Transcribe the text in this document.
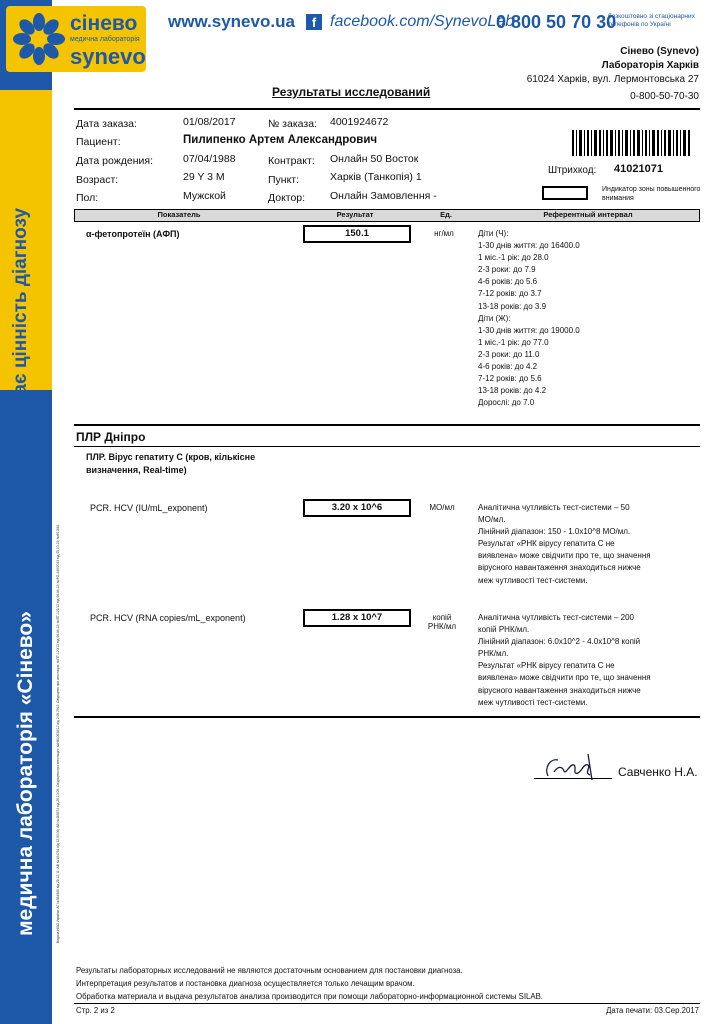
додає цінність діагнозу
медична лабораторія «Сінево»	Видача НІЗО України: АГ №584985 від 28.12.11; АВ №494764 від 12.03.08; АВ №465874 від 26.10.09. Свідоцтво про атестацію: №НМ-0038/12 від 2.05.2012. Свідоцтво про атестацію: №ПТ-120/13 від 06.04.12; №ПТ-121/12 від 06.04.12; №РО-449/2010 від 05.10.10; №601881
сінево
медична лабораторія
synevo
www.synevo.ua	f facebook.com/SynevoLab
0 800 50 70 30
безкоштовно зі стаціонарних телефонів по Україні
Сінево (Synevo)
Лабораторія Харків
61024 Харків, вул. Лермонтовська 27
0-800-50-70-30
Результаты исследований
Дата заказа:	01/08/2017	№ заказа: 4001924672
Пациент:	Пилипенко Артем Александрович
Дата рождения:	07/04/1988	Контракт: Онлайн 50 Восток
Возраст:	29 Y 3 M	Пункт:	Харків (Танкопія) 1
Пол:	Мужской	Доктор: Онлайн Замовлення -
Штрихкод: 41021071
Индикатор зоны повышенного внимания
Показатель	Результат	Ед.	Референтный интервал
α-фетопротеїн (АФП)	150.1	нг/мл	Діти (Ч):
1-30 днів життя: до 16400.0
1 міс.-1 рік: до 28.0
2-3 роки: до 7.9
4-6 років: до 5.6
7-12 років: до 3.7
13-18 років: до 3.9
Діти (Ж):
1-30 днів життя: до 19000.0
1 міс.-1 рік: до 77.0
2-3 роки: до 11.0
4-6 років: до 4.2
7-12 років: до 5.6
13-18 років: до 4.2
Дорослі: до 7.0
ПЛР Дніпро
ПЛР. Вірус гепатиту С (кров, кількісне
визначення, Real-time)
PCR. HCV (IU/mL_exponent)	3.20 x 10^6	МО/мл	Аналітична чутливість тест-системи – 50
МО/мл.
Лінійний діапазон: 150 - 1.0x10^8 МО/мл.
Результат «РНК вірусу гепатита С не
виявлена» може свідчити про те, що значення
вірусного навантаження знаходиться нижче
меж чутливості тест-системи.
PCR. HCV (RNA copies/mL_exponent)	1.28 x 10^7	копій
РНК/мл
Аналітична чутливість тест-системи – 200
копій РНК/мл.
Лінійний діапазон: 6.0x10^2 - 4.0x10^8 копій
РНК/мл.
Результат «РНК вірусу гепатита С не
виявлена» може свідчити про те, що значення
вірусного навантаження знаходиться нижче
меж чутливості тест-системи.
Савченко Н.А.
Результаты лабораторных исследований не являются достаточным основанием для постановки диагноза.
Интерпретация результатов и постановка диагноза осуществляется только лечащим врачом.
Обработка материала и выдача результатов анализа производится при помощи лабораторно-информационной системы SILAB.
Стр. 2 из 2	Дата печати: 03.Сер.2017
